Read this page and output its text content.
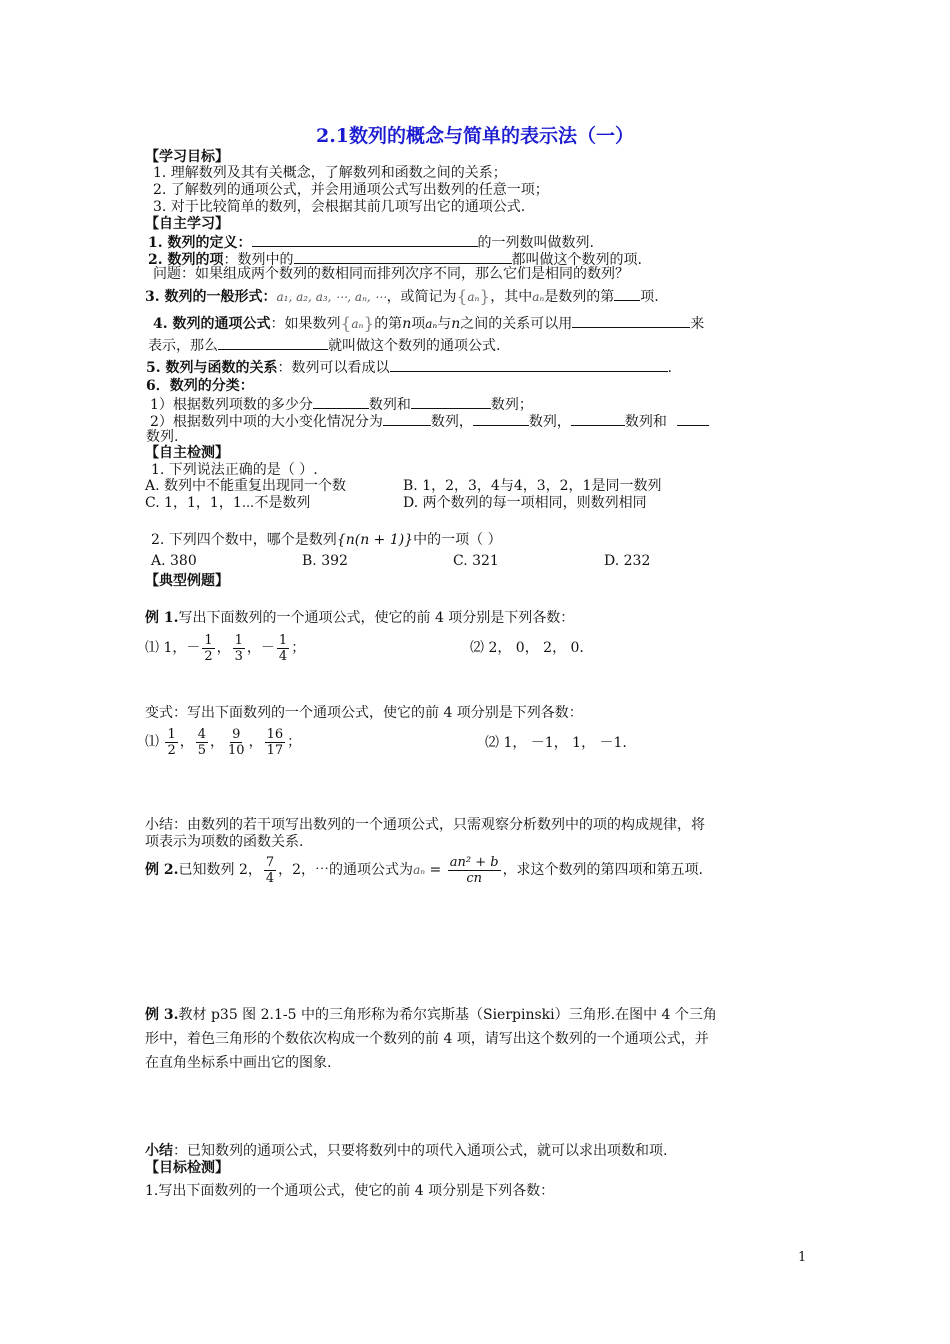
2.1数列的概念与简单的表示法（一）
【学习目标】
1. 理解数列及其有关概念，了解数列和函数之间的关系；
2. 了解数列的通项公式，并会用通项公式写出数列的任意一项；
3. 对于比较简单的数列，会根据其前几项写出它的通项公式.
【自主学习】
1. 数列的定义：	的一列数叫做数列.
2. 数列的项：数列中的	都叫做这个数列的项.
问题：如果组成两个数列的数相同而排列次序不同，那么它们是相同的数列？
3. 数列的一般形式：a₁, a₂, a₃, ⋯, aₙ, ⋯，或简记为{aₙ}，其中aₙ是数列的第 项.
4. 数列的通项公式：如果数列{aₙ}的第n项aₙ与n之间的关系可以用	来
表示，那么	就叫做这个数列的通项公式.
5. 数列与函数的关系：数列可以看成以	.
6．数列的分类：
1）根据数列项数的多少分	数列和	数列；
2）根据数列中项的大小变化情况分为	数列，	数列，	数列和
数列.
【自主检测】
1. 下列说法正确的是（ ）.
A. 数列中不能重复出现同一个数	B. 1，2，3，4与4，3，2，1是同一数列
C. 1，1，1，1⋯不是数列	D. 两个数列的每一项相同，则数列相同
2. 下列四个数中，哪个是数列{n(n + 1)}中的一项（ ）
A. 380	B. 392	C. 321	D. 232
【典型例题】
例 1.写出下面数列的一个通项公式，使它的前 4 项分别是下列各数：
⑴ 1，－ $\frac{1}{2}$ ， $\frac{1}{3}$ ，－ $\frac{1}{4}$ ；	⑵ 2， 0， 2， 0.
变式：写出下面数列的一个通项公式，使它的前 4 项分别是下列各数：
⑴ $\frac{1}{2}$ ， $\frac{4}{5}$ ， $\frac{9}{10}$ ， $\frac{16}{17}$ ；	⑵ 1， －1， 1， －1.
小结：由数列的若干项写出数列的一个通项公式，只需观察分析数列中的项的构成规律，将
项表示为项数的函数关系.
例 2.已知数列 2， $\frac{7}{4}$ ，2，⋯的通项公式为$a_n = \frac{\text{an² + b}}{cn}$ ，求这个数列的第四项和第五项.
例 3.教材 p35 图 2.1-5 中的三角形称为希尔宾斯基（Sierpinski）三角形.在图中 4 个三角
形中，着色三角形的个数依次构成一个数列的前 4 项，请写出这个数列的一个通项公式，并
在直角坐标系中画出它的图象.
小结：已知数列的通项公式，只要将数列中的项代入通项公式，就可以求出项数和项.
【目标检测】
1.写出下面数列的一个通项公式，使它的前 4 项分别是下列各数：
1
